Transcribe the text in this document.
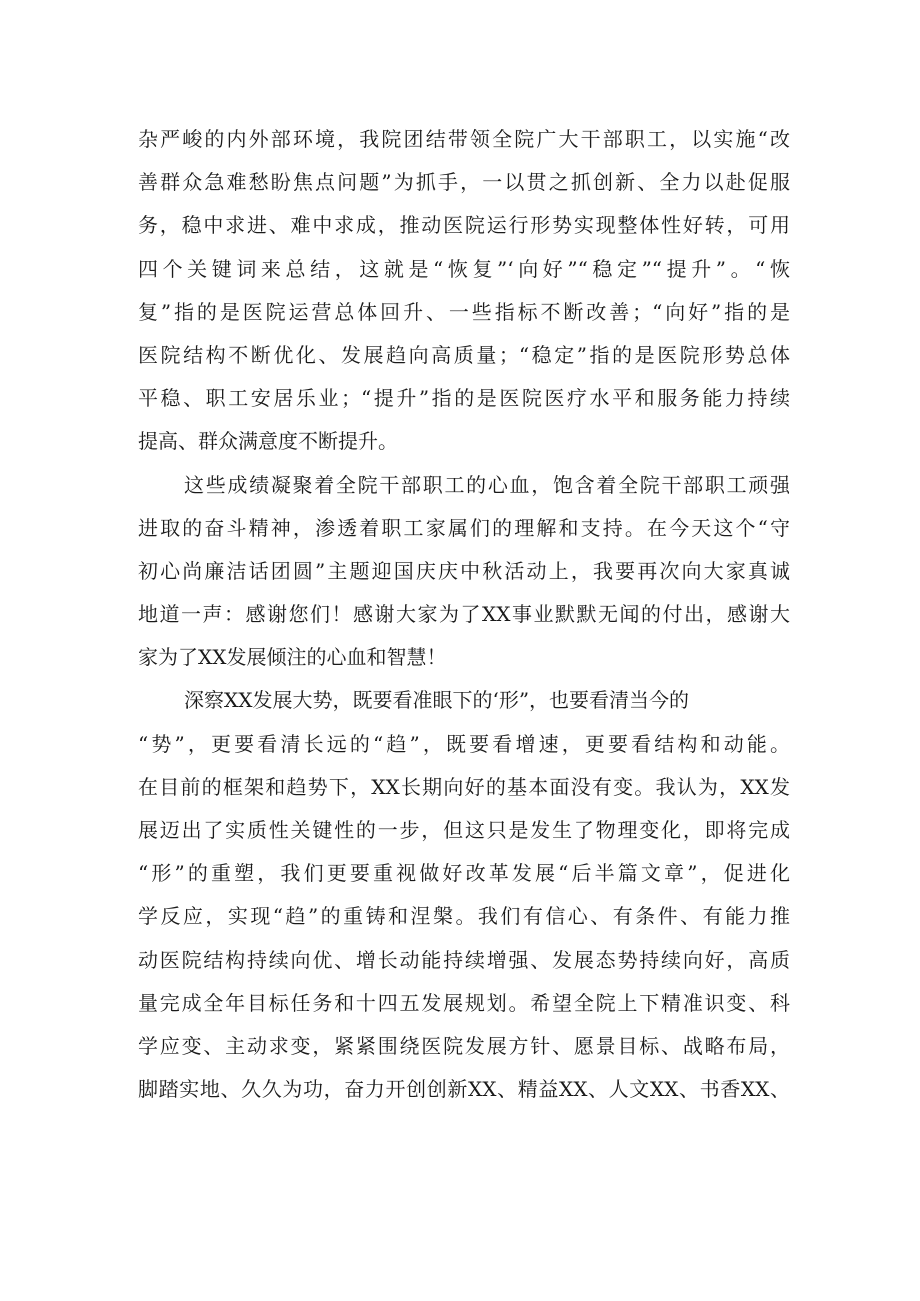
杂严峻的内外部环境，我院团结带领全院广大干部职工，以实施“改
善群众急难愁盼焦点问题”为抓手，一以贯之抓创新、全力以赴促服
务，稳中求进、难中求成，推动医院运行形势实现整体性好转，可用
四个关键词来总结，这就是“恢复”‘向好”“稳定”“提升”。“恢
复”指的是医院运营总体回升、一些指标不断改善；“向好”指的是
医院结构不断优化、发展趋向高质量；“稳定”指的是医院形势总体
平稳、职工安居乐业；“提升”指的是医院医疗水平和服务能力持续
提高、群众满意度不断提升。
这些成绩凝聚着全院干部职工的心血，饱含着全院干部职工顽强
进取的奋斗精神，渗透着职工家属们的理解和支持。在今天这个“守
初心尚廉洁话团圆”主题迎国庆庆中秋活动上，我要再次向大家真诚
地道一声：感谢您们！感谢大家为了XX事业默默无闻的付出，感谢大
家为了XX发展倾注的心血和智慧！
深察XX发展大势，既要看准眼下的‘形”，也要看清当今的
“势”，更要看清长远的“趋”，既要看增速，更要看结构和动能。
在目前的框架和趋势下，XX长期向好的基本面没有变。我认为，XX发
展迈出了实质性关键性的一步，但这只是发生了物理变化，即将完成
“形”的重塑，我们更要重视做好改革发展“后半篇文章”，促进化
学反应，实现“趋”的重铸和涅槃。我们有信心、有条件、有能力推
动医院结构持续向优、增长动能持续增强、发展态势持续向好，高质
量完成全年目标任务和十四五发展规划。希望全院上下精准识变、科
学应变、主动求变，紧紧围绕医院发展方针、愿景目标、战略布局，
脚踏实地、久久为功，奋力开创创新XX、精益XX、人文XX、书香XX、
